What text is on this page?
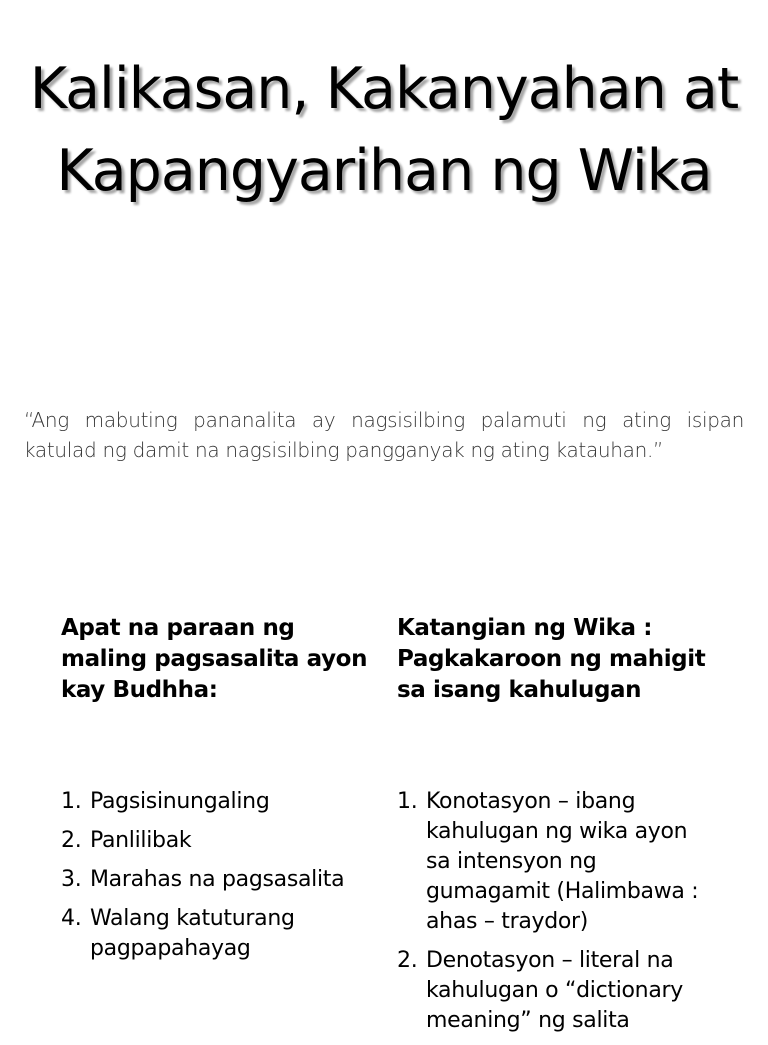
Kalikasan, Kakanyahan at Kapangyarihan ng Wika

“Ang mabuting pananalita ay nagsisilbing palamuti ng ating isipan katulad ng damit na nagsisilbing pangganyak ng ating katauhan.”

Apat na paraan ng maling pagsasalita ayon kay Budhha:
1. Pagsisinungaling
2. Panlilibak
3. Marahas na pagsasalita
4. Walang katuturang pagpapahayag
Katangian ng Wika : Pagkakaroon ng mahigit sa isang kahulugan
1. Konotasyon – ibang kahulugan ng wika ayon sa intensyon ng gumagamit (Halimbawa : ahas – traydor)
2. Denotasyon – literal na kahulugan o “dictionary meaning” ng salita
